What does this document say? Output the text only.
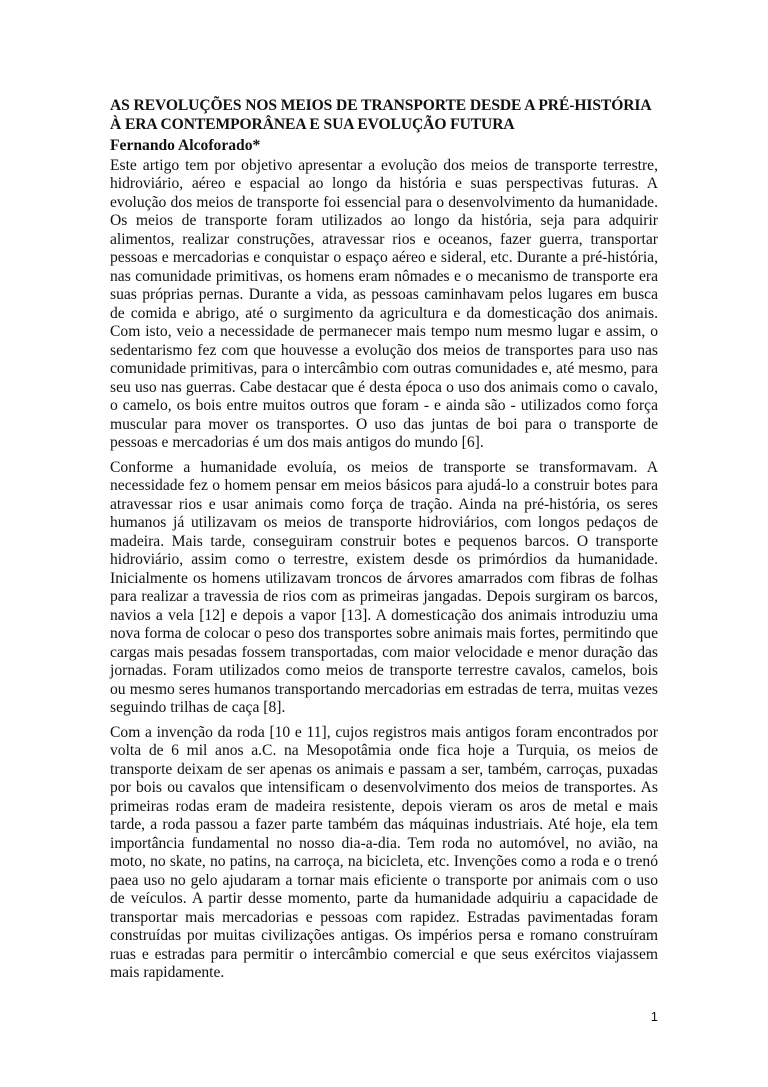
AS REVOLUÇÕES NOS MEIOS DE TRANSPORTE DESDE A PRÉ-HISTÓRIA
À ERA CONTEMPORÂNEA E SUA EVOLUÇÃO FUTURA

Fernando Alcoforado*

Este artigo tem por objetivo apresentar a evolução dos meios de transporte terrestre, hidroviário, aéreo e espacial ao longo da história e suas perspectivas futuras. A evolução dos meios de transporte foi essencial para o desenvolvimento da humanidade. Os meios de transporte foram utilizados ao longo da história, seja para adquirir alimentos, realizar construções, atravessar rios e oceanos, fazer guerra, transportar pessoas e mercadorias e conquistar o espaço aéreo e sideral, etc. Durante a pré-história, nas comunidade primitivas, os homens eram nômades e o mecanismo de transporte era suas próprias pernas. Durante a vida, as pessoas caminhavam pelos lugares em busca de comida e abrigo, até o surgimento da agricultura e da domesticação dos animais. Com isto, veio a necessidade de permanecer mais tempo num mesmo lugar e assim, o sedentarismo fez com que houvesse a evolução dos meios de transportes para uso nas comunidade primitivas, para o intercâmbio com outras comunidades e, até mesmo, para seu uso nas guerras. Cabe destacar que é desta época o uso dos animais como o cavalo, o camelo, os bois entre muitos outros que foram - e ainda são - utilizados como força muscular para mover os transportes. O uso das juntas de boi para o transporte de pessoas e mercadorias é um dos mais antigos do mundo [6].

Conforme a humanidade evoluía, os meios de transporte se transformavam. A necessidade fez o homem pensar em meios básicos para ajudá-lo a construir botes para atravessar rios e usar animais como força de tração. Ainda na pré-história, os seres humanos já utilizavam os meios de transporte hidroviários, com longos pedaços de madeira. Mais tarde, conseguiram construir botes e pequenos barcos. O transporte hidroviário, assim como o terrestre, existem desde os primórdios da humanidade. Inicialmente os homens utilizavam troncos de árvores amarrados com fibras de folhas para realizar a travessia de rios com as primeiras jangadas. Depois surgiram os barcos, navios a vela [12] e depois a vapor [13]. A domesticação dos animais introduziu uma nova forma de colocar o peso dos transportes sobre animais mais fortes, permitindo que cargas mais pesadas fossem transportadas, com maior velocidade e menor duração das jornadas. Foram utilizados como meios de transporte terrestre cavalos, camelos, bois ou mesmo seres humanos transportando mercadorias em estradas de terra, muitas vezes seguindo trilhas de caça [8].

Com a invenção da roda [10 e 11], cujos registros mais antigos foram encontrados por volta de 6 mil anos a.C. na Mesopotâmia onde fica hoje a Turquia, os meios de transporte deixam de ser apenas os animais e passam a ser, também, carroças, puxadas por bois ou cavalos que intensificam o desenvolvimento dos meios de transportes. As primeiras rodas eram de madeira resistente, depois vieram os aros de metal e mais tarde, a roda passou a fazer parte também das máquinas industriais. Até hoje, ela tem importância fundamental no nosso dia-a-dia. Tem roda no automóvel, no avião, na moto, no skate, no patins, na carroça, na bicicleta, etc. Invenções como a roda e o trenó paea uso no gelo ajudaram a tornar mais eficiente o transporte por animais com o uso de veículos. A partir desse momento, parte da humanidade adquiriu a capacidade de transportar mais mercadorias e pessoas com rapidez. Estradas pavimentadas foram construídas por muitas civilizações antigas. Os impérios persa e romano construíram ruas e estradas para permitir o intercâmbio comercial e que seus exércitos viajassem mais rapidamente.

1
